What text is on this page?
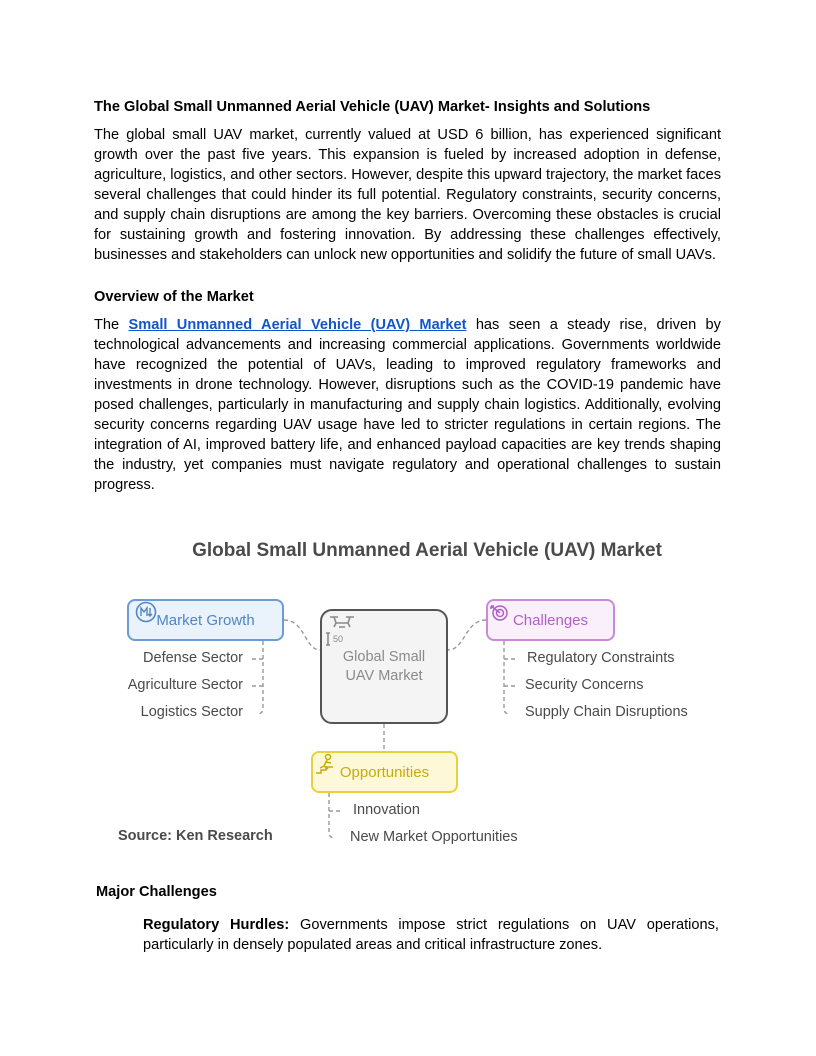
The Global Small Unmanned Aerial Vehicle (UAV) Market- Insights and Solutions
The global small UAV market, currently valued at USD 6 billion, has experienced significant growth over the past five years. This expansion is fueled by increased adoption in defense, agriculture, logistics, and other sectors. However, despite this upward trajectory, the market faces several challenges that could hinder its full potential. Regulatory constraints, security concerns, and supply chain disruptions are among the key barriers. Overcoming these obstacles is crucial for sustaining growth and fostering innovation. By addressing these challenges effectively, businesses and stakeholders can unlock new opportunities and solidify the future of small UAVs.
Overview of the Market
The Small Unmanned Aerial Vehicle (UAV) Market has seen a steady rise, driven by technological advancements and increasing commercial applications. Governments worldwide have recognized the potential of UAVs, leading to improved regulatory frameworks and investments in drone technology. However, disruptions such as the COVID-19 pandemic have posed challenges, particularly in manufacturing and supply chain logistics. Additionally, evolving security concerns regarding UAV usage have led to stricter regulations in certain regions. The integration of AI, improved battery life, and enhanced payload capacities are key trends shaping the industry, yet companies must navigate regulatory and operational challenges to sustain progress.
Global Small Unmanned Aerial Vehicle (UAV) Market
Market Growth	Challenges
50
Global Small
UAV Market
Opportunities
Defense Sector
Agriculture Sector
Logistics Sector
Regulatory Constraints
Security Concerns
Supply Chain Disruptions
Innovation
New Market Opportunities
Source: Ken Research
Major Challenges
Regulatory Hurdles: Governments impose strict regulations on UAV operations, particularly in densely populated areas and critical infrastructure zones.
